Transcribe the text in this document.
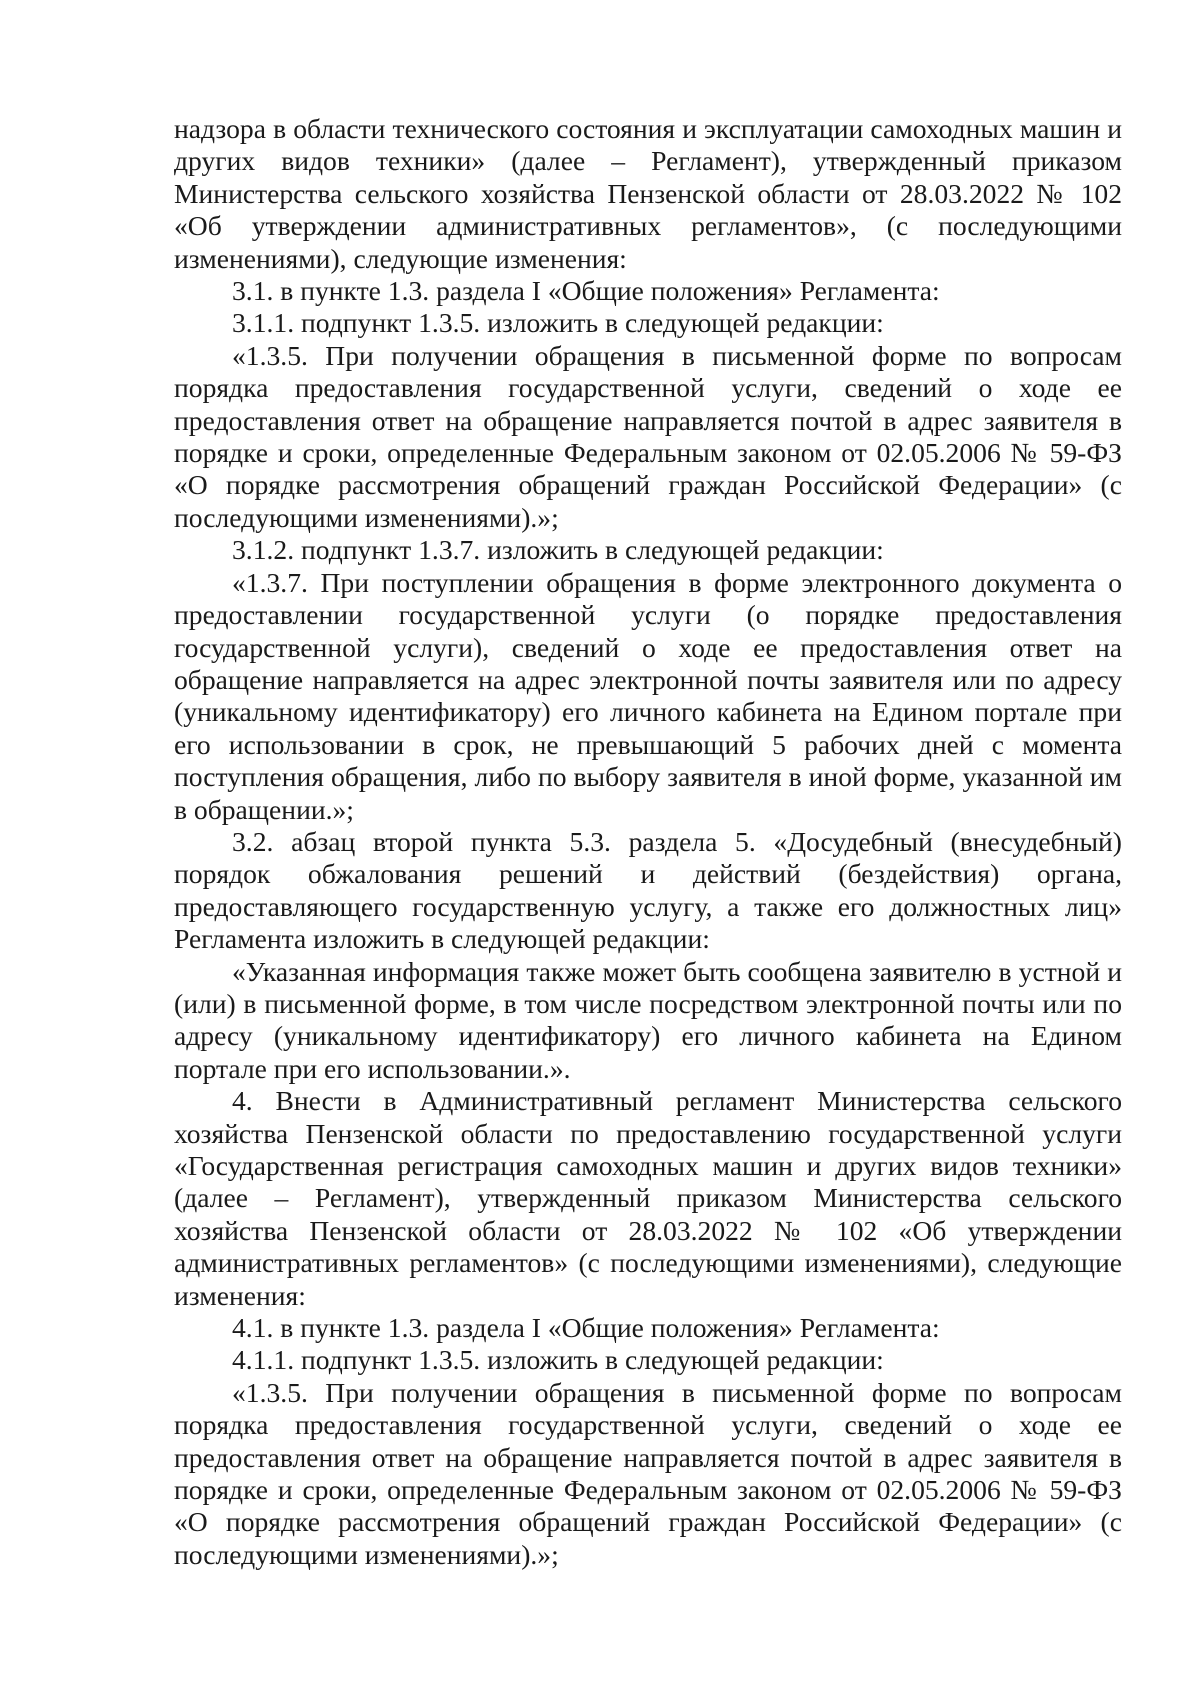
надзора в области технического состояния и эксплуатации самоходных машин и других видов техники» (далее – Регламент), утвержденный приказом Министерства сельского хозяйства Пензенской области от 28.03.2022 № 102 «Об утверждении административных регламентов», (с последующими изменениями), следующие изменения:

3.1. в пункте 1.3. раздела I «Общие положения» Регламента:

3.1.1. подпункт 1.3.5. изложить в следующей редакции:

«1.3.5. При получении обращения в письменной форме по вопросам порядка предоставления государственной услуги, сведений о ходе ее предоставления ответ на обращение направляется почтой в адрес заявителя в порядке и сроки, определенные Федеральным законом от 02.05.2006 № 59-ФЗ «О порядке рассмотрения обращений граждан Российской Федерации» (с последующими изменениями).»;

3.1.2. подпункт 1.3.7. изложить в следующей редакции:

«1.3.7. При поступлении обращения в форме электронного документа о предоставлении государственной услуги (о порядке предоставления государственной услуги), сведений о ходе ее предоставления ответ на обращение направляется на адрес электронной почты заявителя или по адресу (уникальному идентификатору) его личного кабинета на Едином портале при его использовании в срок, не превышающий 5 рабочих дней с момента поступления обращения, либо по выбору заявителя в иной форме, указанной им в обращении.»;

3.2. абзац второй пункта 5.3. раздела 5. «Досудебный (внесудебный) порядок обжалования решений и действий (бездействия) органа, предоставляющего государственную услугу, а также его должностных лиц» Регламента изложить в следующей редакции:

«Указанная информация также может быть сообщена заявителю в устной и (или) в письменной форме, в том числе посредством электронной почты или по адресу (уникальному идентификатору) его личного кабинета на Едином портале при его использовании.».

4. Внести в Административный регламент Министерства сельского хозяйства Пензенской области по предоставлению государственной услуги «Государственная регистрация самоходных машин и других видов техники» (далее – Регламент), утвержденный приказом Министерства сельского хозяйства Пензенской области от 28.03.2022 № 102 «Об утверждении административных регламентов» (с последующими изменениями), следующие изменения:

4.1. в пункте 1.3. раздела I «Общие положения» Регламента:

4.1.1. подпункт 1.3.5. изложить в следующей редакции:

«1.3.5. При получении обращения в письменной форме по вопросам порядка предоставления государственной услуги, сведений о ходе ее предоставления ответ на обращение направляется почтой в адрес заявителя в порядке и сроки, определенные Федеральным законом от 02.05.2006 № 59-ФЗ «О порядке рассмотрения обращений граждан Российской Федерации» (с последующими изменениями).»;
